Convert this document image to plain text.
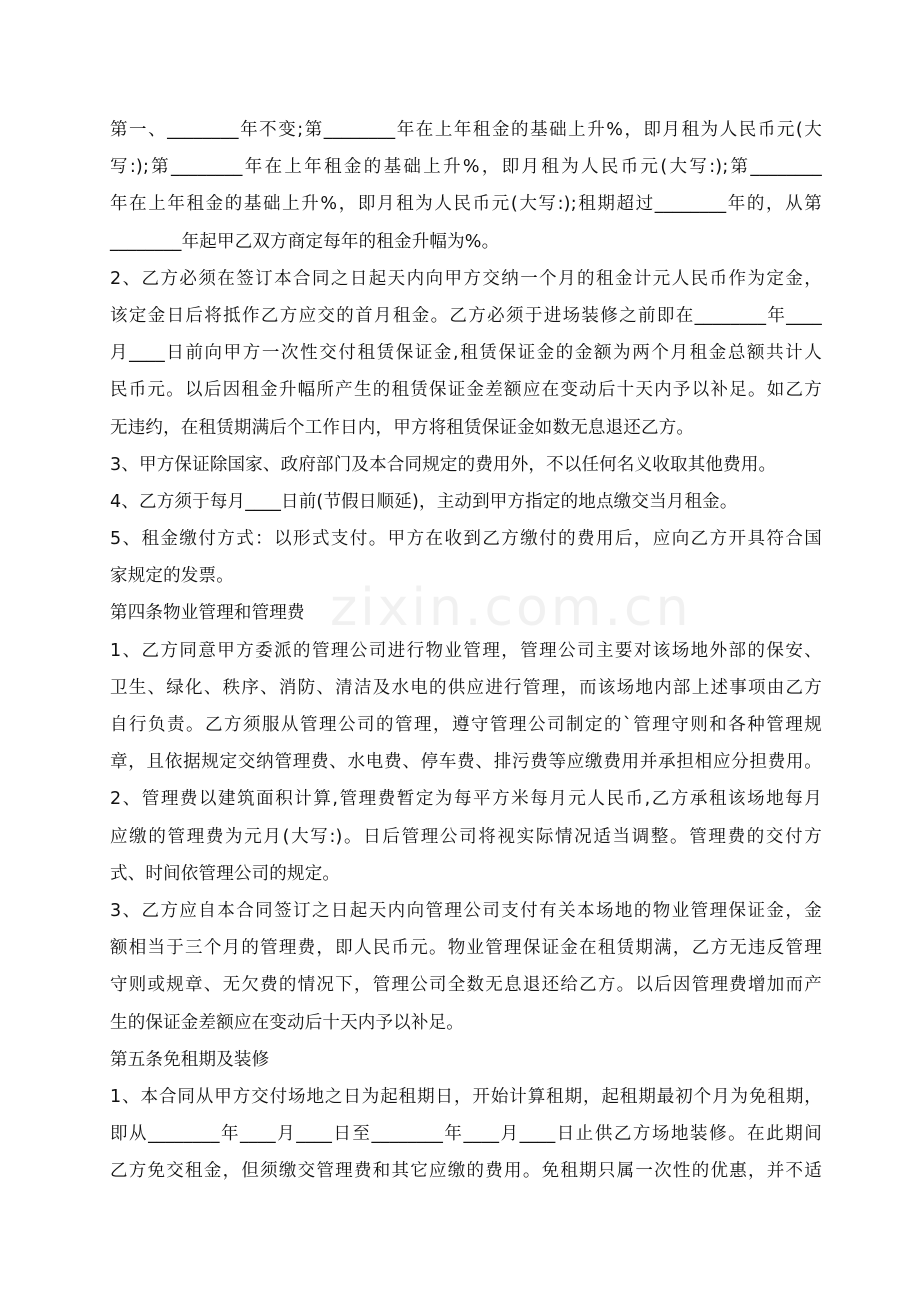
第一、________年不变;第________年在上年租金的基础上升%，即月租为人民币元(大
写:);第________年在上年租金的基础上升%，即月租为人民币元(大写:);第________
年在上年租金的基础上升%，即月租为人民币元(大写:);租期超过________年的，从第
________年起甲乙双方商定每年的租金升幅为%。
2、乙方必须在签订本合同之日起天内向甲方交纳一个月的租金计元人民币作为定金，
该定金日后将抵作乙方应交的首月租金。乙方必须于进场装修之前即在________年____
月____日前向甲方一次性交付租赁保证金,租赁保证金的金额为两个月租金总额共计人
民币元。以后因租金升幅所产生的租赁保证金差额应在变动后十天内予以补足。如乙方
无违约，在租赁期满后个工作日内，甲方将租赁保证金如数无息退还乙方。
3、甲方保证除国家、政府部门及本合同规定的费用外，不以任何名义收取其他费用。
4、乙方须于每月____日前(节假日顺延)，主动到甲方指定的地点缴交当月租金。
5、租金缴付方式：以形式支付。甲方在收到乙方缴付的费用后，应向乙方开具符合国
家规定的发票。
第四条物业管理和管理费
1、乙方同意甲方委派的管理公司进行物业管理，管理公司主要对该场地外部的保安、
卫生、绿化、秩序、消防、清洁及水电的供应进行管理，而该场地内部上述事项由乙方
自行负责。乙方须服从管理公司的管理，遵守管理公司制定的`管理守则和各种管理规
章，且依据规定交纳管理费、水电费、停车费、排污费等应缴费用并承担相应分担费用。
2、管理费以建筑面积计算,管理费暂定为每平方米每月元人民币,乙方承租该场地每月
应缴的管理费为元月(大写:)。日后管理公司将视实际情况适当调整。管理费的交付方
式、时间依管理公司的规定。
3、乙方应自本合同签订之日起天内向管理公司支付有关本场地的物业管理保证金，金
额相当于三个月的管理费，即人民币元。物业管理保证金在租赁期满，乙方无违反管理
守则或规章、无欠费的情况下，管理公司全数无息退还给乙方。以后因管理费增加而产
生的保证金差额应在变动后十天内予以补足。
第五条免租期及装修
1、本合同从甲方交付场地之日为起租期日，开始计算租期，起租期最初个月为免租期，
即从________年____月____日至________年____月____日止供乙方场地装修。在此期间
乙方免交租金，但须缴交管理费和其它应缴的费用。免租期只属一次性的优惠，并不适
zixin.com.cn
